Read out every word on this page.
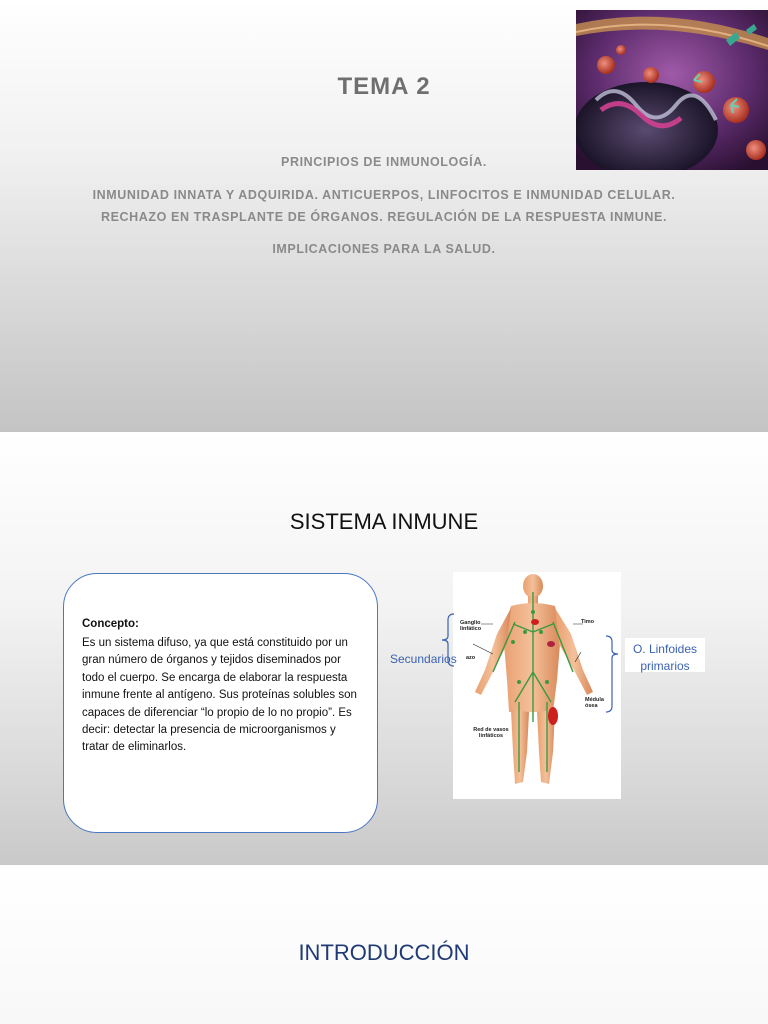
TEMA 2
PRINCIPIOS DE INMUNOLOGÍA.
INMUNIDAD INNATA Y ADQUIRIDA. ANTICUERPOS, LINFOCITOS E INMUNIDAD CELULAR.
RECHAZO EN TRASPLANTE DE ÓRGANOS. REGULACIÓN DE LA RESPUESTA INMUNE.
IMPLICACIONES PARA LA SALUD.
SISTEMA INMUNE
Concepto:
Es un sistema difuso, ya que está constituido por un gran número de órganos y tejidos diseminados por todo el cuerpo. Se encarga de elaborar la respuesta inmune frente al antígeno. Sus proteínas solubles son capaces de diferenciar “lo propio de lo no propio”. Es decir: detectar la presencia de microorganismos y tratar de eliminarlos.
Ganglio linfático
Timo
azo
Médula ósea
Red de vasos linfáticos
Secundarios
O. Linfoides
primarios
INTRODUCCIÓN
